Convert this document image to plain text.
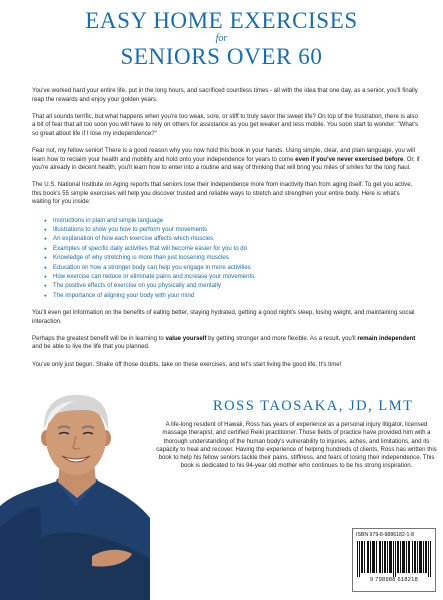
EASY HOME EXERCISES
for
SENIORS OVER 60

You've worked hard your entire life, put in the long hours, and sacrificed countless times - all with the idea that one day, as a senior, you'll finally reap the rewards and enjoy your golden years.

That all sounds terrific, but what happens when you're too weak, sore, or stiff to truly savor the sweet life? On top of the frustration, there is also a bit of fear that all too soon you will have to rely on others for assistance as you get weaker and less mobile. You soon start to wonder: "What's so great about life if I lose my independence?"

Fear not, my fellow senior! There is a good reason why you now hold this book in your hands. Using simple, clear, and plain language, you will learn how to reclaim your health and mobility and hold onto your independence for years to come even if you've never exercised before. Or, if you're already in decent health, you'll learn how to enter into a routine and way of thinking that will bring you miles of smiles for the long haul.

The U.S. National Institute on Aging reports that seniors lose their independence more from inactivity than from aging itself. To get you active, this book's 55 simple exercises will help you discover trusted and reliable ways to stretch and strengthen your entire body. Here is what's waiting for you inside:

● Instructions in plain and simple language
● Illustrations to show you how to perform your movements
● An explanation of how each exercise affects which muscles
● Examples of specific daily activities that will become easier for you to do
● Knowledge of why stretching is more than just loosening muscles
● Education on how a stronger body can help you engage in more activities
● How exercise can reduce or eliminate pains and increase your movements
● The positive effects of exercise on you physically and mentally
● The importance of aligning your body with your mind

You'll even get information on the benefits of eating better, staying hydrated, getting a good night's sleep, losing weight, and maintaining social interaction.

Perhaps the greatest benefit will be in learning to value yourself by getting stronger and more flexible. As a result, you'll remain independent and be able to live the life that you planned.

You've only just begun. Shake off those doubts, take on these exercises, and let's start living the good life. It's time!

ROSS TAOSAKA, JD, LMT
A life-long resident of Hawaii, Ross has years of experience as a personal injury litigator, licensed massage therapist, and certified Reiki practitioner. Those fields of practice have provided him with a thorough understanding of the human body's vulnerability to injuries, aches, and limitations, and its capacity to heal and recover. Having the experience of helping hundreds of clients, Ross has written this book to help his fellow seniors tackle their pains, stiffness, and fears of losing their independence. This book is dedicated to his 94-year old mother who continues to be his strong inspiration.
ISBN 979-8-9886182-1-8
9 798988 618218
